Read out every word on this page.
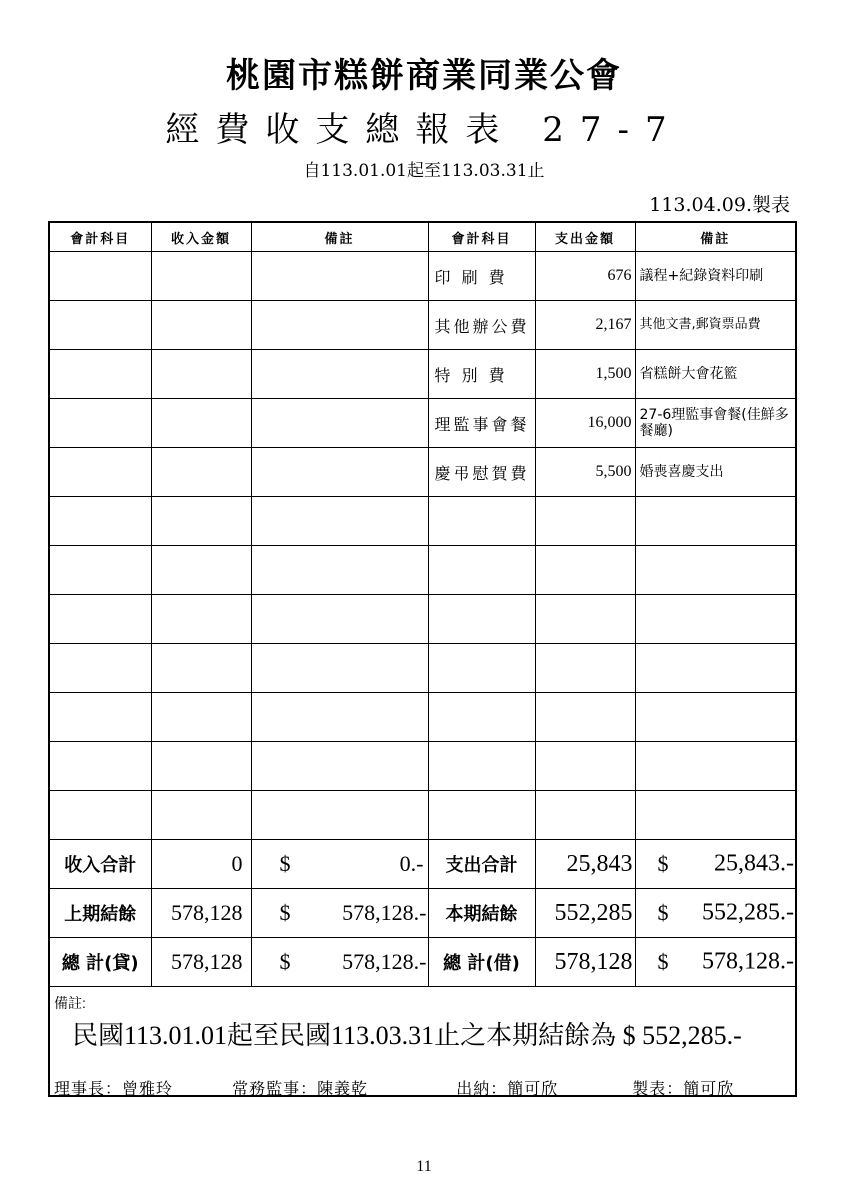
桃園市糕餅商業同業公會
經費收支總報表 27-7
自113.01.01起至113.03.31止
113.04.09.製表
會計科目	收入金額	備註	會計科目	支出金額	備註
			印 刷 費	676	議程+紀錄資料印刷
			其他辦公費	2,167	其他文書,郵資票品費
			特 別 費	1,500	省糕餅大會花籃
			理監事會餐	16,000	27-6理監事會餐(佳鮮多餐廳)
			慶弔慰賀費	5,500	婚喪喜慶支出

收入合計	0	$ 0.-	支出合計	25,843	$ 25,843.-

上期結餘	578,128	$ 578,128.-	本期結餘	552,285	$ 552,285.-

總 計(貸)	578,128	$ 578,128.-	總 計(借)	578,128	$ 578,128.-

備註:
民國113.01.01起至民國113.03.31止之本期結餘為 $ 552,285.-					
理事長：曾雅玲	常務監事：陳義乾	出納：簡可欣	製表：簡可欣
11
